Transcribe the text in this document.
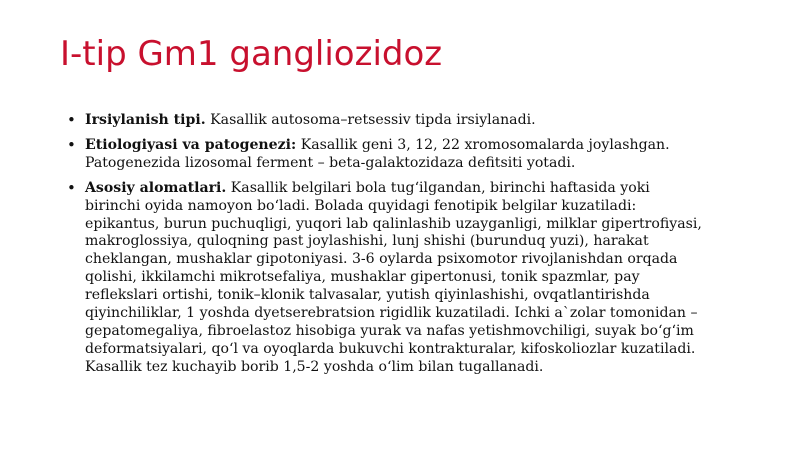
I-tip Gm1 gangliozidoz
• Irsiylanish tipi. Kasallik autosoma–retsessiv tipda irsiylanadi.
• Etiologiyasi va patogenezi: Kasallik geni 3, 12, 22 xromosomalarda joylashgan.
Patogenezida lizosomal ferment – beta-galaktozidaza defitsiti yotadi.
• Asosiy alomatlari. Kasallik belgilari bola tug‘ilgandan, birinchi haftasida yoki
birinchi oyida namoyon bo‘ladi. Bolada quyidagi fenotipik belgilar kuzatiladi:
epikantus, burun puchuqligi, yuqori lab qalinlashib uzayganligi, milklar gipertrofiyasi,
makroglossiya, quloqning past joylashishi, lunj shishi (burunduq yuzi), harakat
cheklangan, mushaklar gipotoniyasi. 3-6 oylarda psixomotor rivojlanishdan orqada
qolishi, ikkilamchi mikrotsefaliya, mushaklar gipertonusi, tonik spazmlar, pay
reflekslari ortishi, tonik–klonik talvasalar, yutish qiyinlashishi, ovqatlantirishda
qiyinchiliklar, 1 yoshda dyetserebratsion rigidlik kuzatiladi. Ichki a`zolar tomonidan –
gepatomegaliya, fibroelastoz hisobiga yurak va nafas yetishmovchiligi, suyak bo‘g‘im
deformatsiyalari, qo‘l va oyoqlarda bukuvchi kontrakturalar, kifoskoliozlar kuzatiladi.
Kasallik tez kuchayib borib 1,5-2 yoshda o‘lim bilan tugallanadi.
